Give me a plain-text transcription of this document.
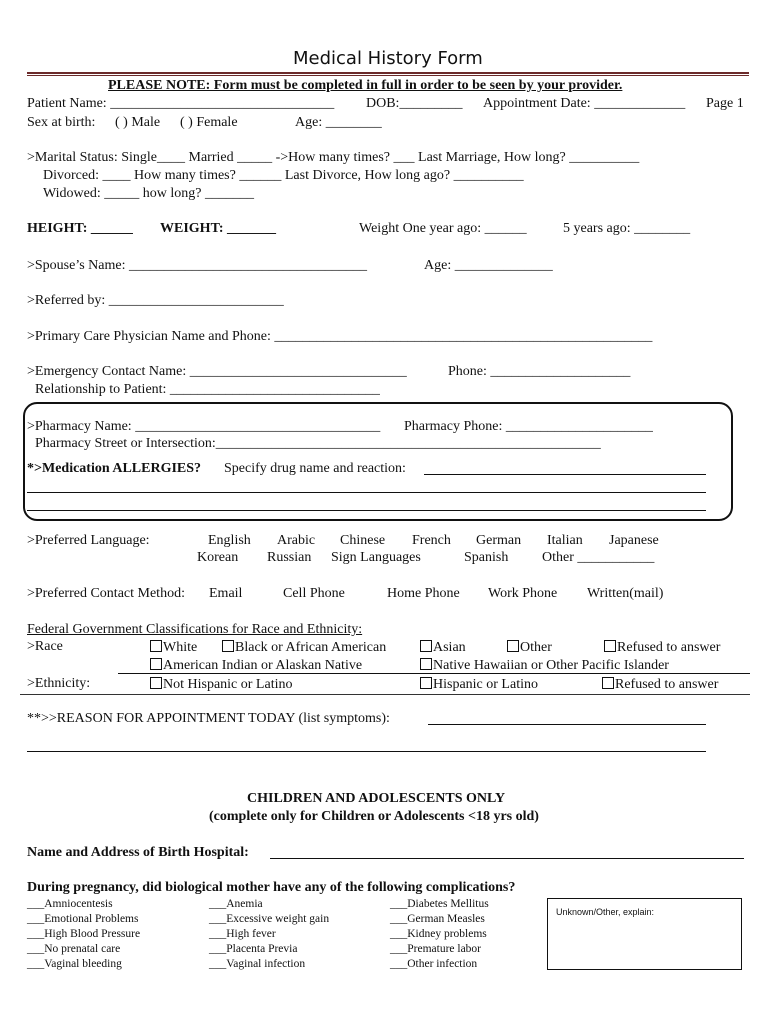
Medical History Form
PLEASE NOTE: Form must be completed in full in order to be seen by your provider.
Patient Name: ________________________________ DOB:_________ Appointment Date: _____________ Page 1
Sex at birth: ( ) Male ( ) Female	Age: ________
>Marital Status: Single____ Married _____ ->How many times? ___ Last Marriage, How long? __________
Divorced: ____ How many times? ______ Last Divorce, How long ago? __________
Widowed: _____ how long? _______
HEIGHT: ______ WEIGHT: _______	Weight One year ago: ______	5 years ago: ________
>Spouse’s Name: __________________________________	Age: ______________
>Referred by: _________________________
>Primary Care Physician Name and Phone: ______________________________________________________
>Emergency Contact Name: _______________________________	Phone: ____________________
Relationship to Patient: ______________________________
>Pharmacy Name: ___________________________________ Pharmacy Phone: _____________________
Pharmacy Street or Intersection:_______________________________________________________
*>Medication ALLERGIES? Specify drug name and reaction:
>Preferred Language:	English Arabic Chinese French German Italian Japanese
Korean Russian Sign Languages	Spanish Other ___________
>Preferred Contact Method: Email	Cell Phone	Home Phone Work Phone Written(mail)
Federal Government Classifications for Race and Ethnicity:
>Race	White	Black or African American	Asian	Other	Refused to answer
American Indian or Alaskan Native	Native Hawaiian or Other Pacific Islander
>Ethnicity:	Not Hispanic or Latino	Hispanic or Latino	Refused to answer
**>>REASON FOR APPOINTMENT TODAY (list symptoms):
CHILDREN AND ADOLESCENTS ONLY
(complete only for Children or Adolescents <18 yrs old)
Name and Address of Birth Hospital:
During pregnancy, did biological mother have any of the following complications?
___Amniocentesis
___Emotional Problems
___High Blood Pressure
___No prenatal care
___Vaginal bleeding
___Anemia
___Excessive weight gain
___High fever
___Placenta Previa
___Vaginal infection
___Diabetes Mellitus
___German Measles
___Kidney problems
___Premature labor
___Other infection
Unknown/Other, explain:
